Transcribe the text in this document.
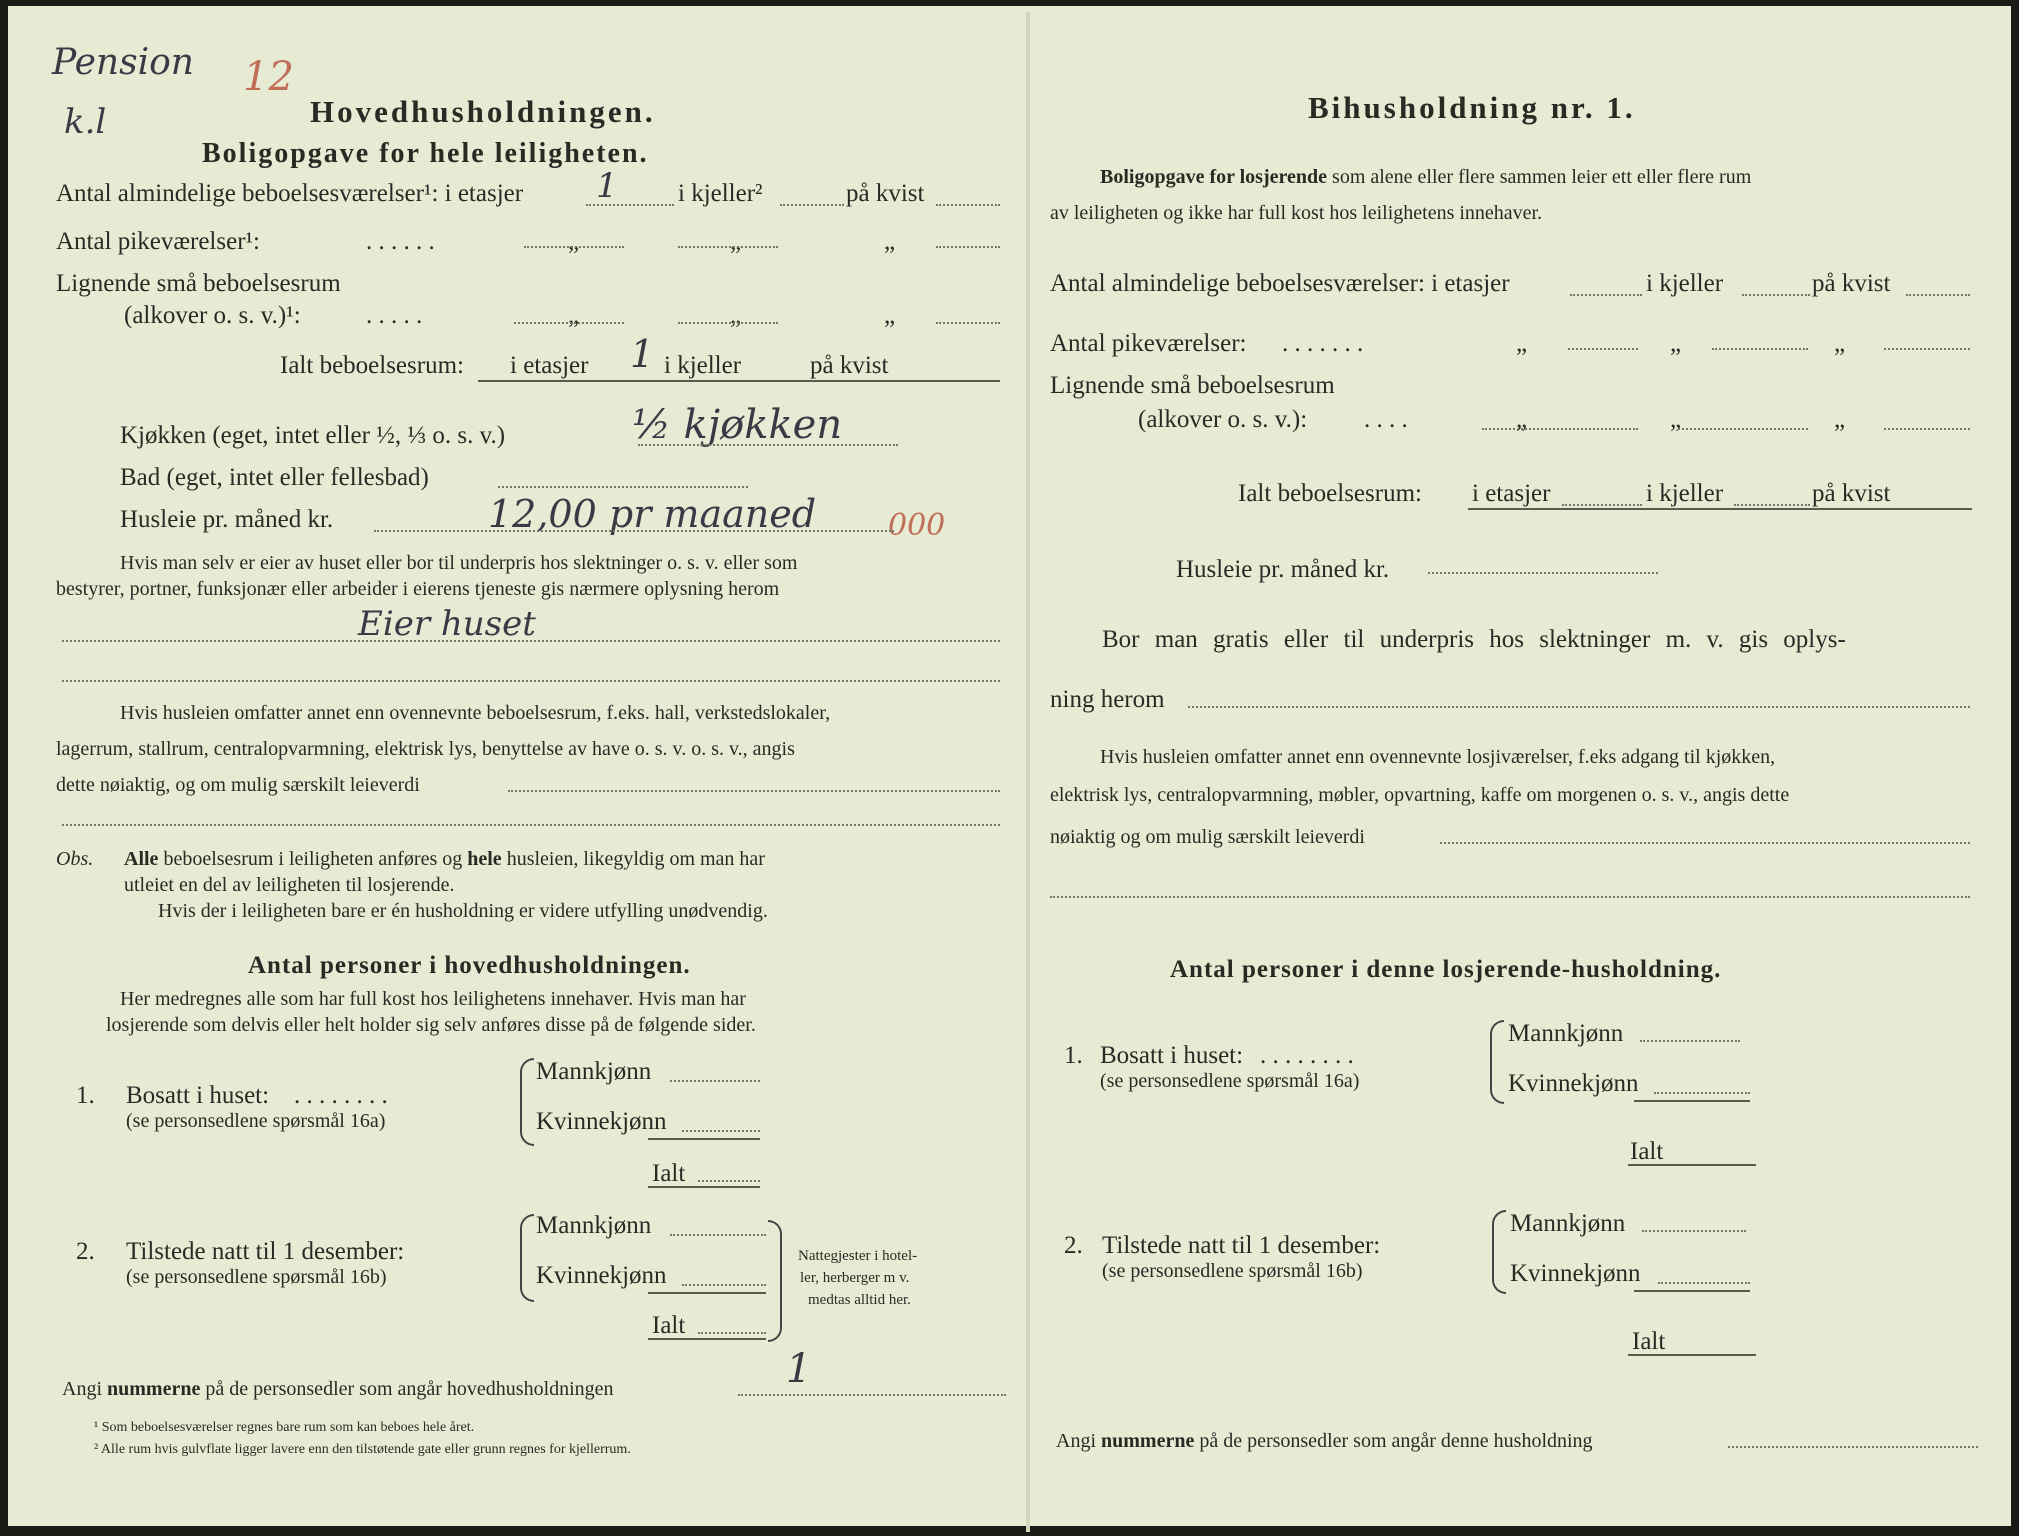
Pension 12
k.l	Hovedhusholdningen.
Boligopgave for hele leiligheten.
Antal almindelige beboelsesværelser¹: i etasjer 1 i kjeller²	på kvist
Antal pikeværelser¹:	. . . . . .	„	„	„
Lignende små beboelsesrum
(alkover o. s. v.)¹:	. . . . .	„	„	„
Ialt beboelsesrum: i etasjer 1 i kjeller	på kvist
Kjøkken (eget, intet eller ½, ⅓ o. s. v.)	½ kjøkken
Bad (eget, intet eller fellesbad)
Husleie pr. måned kr.	12,00 pr maaned 000
Hvis man selv er eier av huset eller bor til underpris hos slektninger o. s. v. eller som
bestyrer, portner, funksjonær eller arbeider i eierens tjeneste gis nærmere oplysning herom
Eier huset
Hvis husleien omfatter annet enn ovennevnte beboelsesrum, f.eks. hall, verkstedslokaler,
lagerrum, stallrum, centralopvarmning, elektrisk lys, benyttelse av have o. s. v. o. s. v., angis
dette nøiaktig, og om mulig særskilt leieverdi
Obs. Alle beboelsesrum i leiligheten anføres og hele husleien, likegyldig om man har
utleiet en del av leiligheten til losjerende.
Hvis der i leiligheten bare er én husholdning er videre utfylling unødvendig.
Antal personer i hovedhusholdningen.
Her medregnes alle som har full kost hos leilighetens innehaver. Hvis man har
losjerende som delvis eller helt holder sig selv anføres disse på de følgende sider.
1. Bosatt i huset: . . . . . . . .
(se personsedlene spørsmål 16a)
Mannkjønn
Kvinnekjønn
Ialt
2. Tilstede natt til 1 desember:
(se personsedlene spørsmål 16b)
Mannkjønn
Kvinnekjønn
Ialt
Nattegjester i hotel-
ler, herberger m v.
medtas alltid her.
Angi nummerne på de personsedler som angår hovedhusholdningen	1
¹ Som beboelsesværelser regnes bare rum som kan beboes hele året.
² Alle rum hvis gulvflate ligger lavere enn den tilstøtende gate eller grunn regnes for kjellerrum.
Bihusholdning nr. 1.
Boligopgave for losjerende som alene eller flere sammen leier ett eller flere rum
av leiligheten og ikke har full kost hos leilighetens innehaver.
Antal almindelige beboelsesværelser: i etasjer	i kjeller	på kvist
Antal pikeværelser: . . . . . . .	„	„	„
Lignende små beboelsesrum
(alkover o. s. v.): . . . .	„	„	„
Ialt beboelsesrum: i etasjer	i kjeller	på kvist
Husleie pr. måned kr.
Bor man gratis eller til underpris hos slektninger m. v. gis oplys-
ning herom
Hvis husleien omfatter annet enn ovennevnte losjiværelser, f.eks adgang til kjøkken,
elektrisk lys, centralopvarmning, møbler, opvartning, kaffe om morgenen o. s. v., angis dette
nøiaktig og om mulig særskilt leieverdi
Antal personer i denne losjerende-husholdning.
1. Bosatt i huset: . . . . . . . .
(se personsedlene spørsmål 16a)
Mannkjønn
Kvinnekjønn
Ialt
2. Tilstede natt til 1 desember:
(se personsedlene spørsmål 16b)
Mannkjønn
Kvinnekjønn
Ialt
Angi nummerne på de personsedler som angår denne husholdning
